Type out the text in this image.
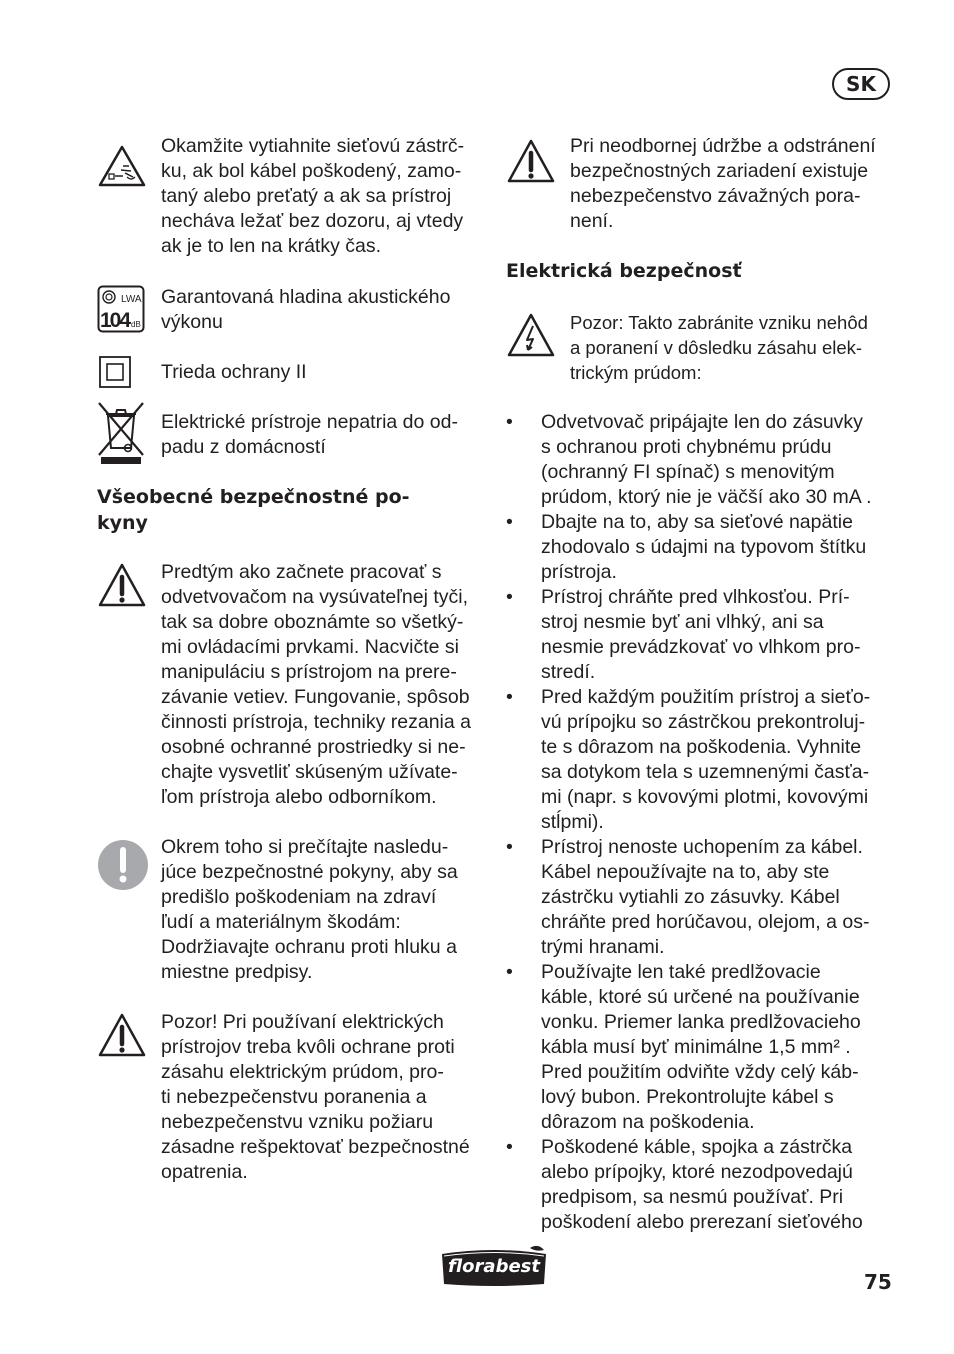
SK
Okamžite vytiahnite sieťovú zástrč-
ku, ak bol kábel poškodený, zamo-
taný alebo preťatý a ak sa prístroj
necháva ležať bez dozoru, aj vtedy
ak je to len na krátky čas.
LWA
104 dB
Garantovaná hladina akustického
výkonu
Trieda ochrany II
Elektrické prístroje nepatria do od-
padu z domácností
Všeobecné bezpečnostné po-
kyny
Predtým ako začnete pracovať s
odvetvovačom na vysúvateľnej tyči,
tak sa dobre oboznámte so všetký-
mi ovládacími prvkami. Nacvičte si
manipuláciu s prístrojom na prere-
závanie vetiev. Fungovanie, spôsob
činnosti prístroja, techniky rezania a
osobné ochranné prostriedky si ne-
chajte vysvetliť skúseným užívate-
ľom prístroja alebo odborníkom.
Okrem toho si prečítajte nasledu-
júce bezpečnostné pokyny, aby sa
predišlo poškodeniam na zdraví
ľudí a materiálnym škodám:
Dodržiavajte ochranu proti hluku a
miestne predpisy.
Pozor! Pri používaní elektrických
prístrojov treba kvôli ochrane proti
zásahu elektrickým prúdom, pro-
ti nebezpečenstvu poranenia a
nebezpečenstvu vzniku požiaru
zásadne rešpektovať bezpečnostné
opatrenia.
Pri neodbornej údržbe a odstránení
bezpečnostných zariadení existuje
nebezpečenstvo závažných pora-
není.
Elektrická bezpečnosť
Pozor: Takto zabránite vzniku nehôd
a poranení v dôsledku zásahu elek-
trickým prúdom:
•	Odvetvovač pripájajte len do zásuvky
s ochranou proti chybnému prúdu
(ochranný FI spínač) s menovitým
prúdom, ktorý nie je väčší ako 30 mA .
•	Dbajte na to, aby sa sieťové napätie
zhodovalo s údajmi na typovom štítku
prístroja.
•	Prístroj chráňte pred vlhkosťou. Prí-
stroj nesmie byť ani vlhký, ani sa
nesmie prevádzkovať vo vlhkom pro-
stredí.
•	Pred každým použitím prístroj a sieťo-
vú prípojku so zástrčkou prekontroluj-
te s dôrazom na poškodenia. Vyhnite
sa dotykom tela s uzemnenými časťa-
mi (napr. s kovovými plotmi, kovovými
stĺpmi).
•	Prístroj nenoste uchopením za kábel.
Kábel nepoužívajte na to, aby ste
zástrčku vytiahli zo zásuvky. Kábel
chráňte pred horúčavou, olejom, a os-
trými hranami.
•	Používajte len také predlžovacie
káble, ktoré sú určené na používanie
vonku. Priemer lanka predlžovacieho
kábla musí byť minimálne 1,5 mm² .
Pred použitím odviňte vždy celý káb-
lový bubon. Prekontrolujte kábel s
dôrazom na poškodenia.
•	Poškodené káble, spojka a zástrčka
alebo prípojky, ktoré nezodpovedajú
predpisom, sa nesmú používať. Pri
poškodení alebo prerezaní sieťového
florabest
75
